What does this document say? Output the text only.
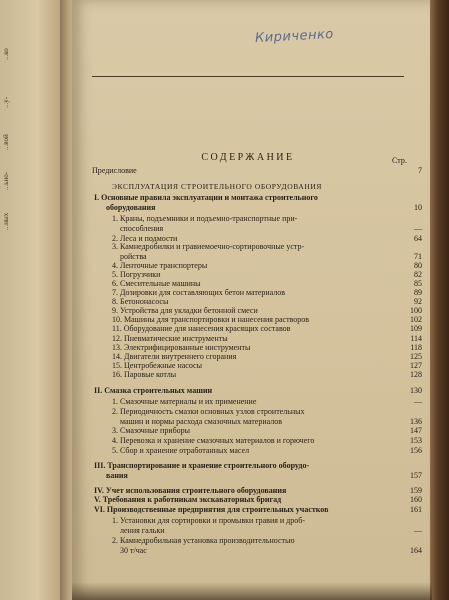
...ко
...у-
...вой
...ьно-
...ных
Кириченко
СОДЕРЖАНИЕ	Стр.
Предисловие	7
ЭКСПЛУАТАЦИЯ СТРОИТЕЛЬНОГО ОБОРУДОВАНИЯ
I. Основные правила эксплуатации и монтажа строительного
оборудования	10
1. Краны, подъемники и подъемно-транспортные при-
способления	—
2. Леса и подмости	64
3. Камнедробилки и гравиемоечно-сортировочные устр-
ройства	71
4. Ленточные транспортеры	80
5. Погрузчики	82
6. Смесительные машины	85
7. Дозировки для составляющих бетон материалов	89
8. Бетононасосы	92
9. Устройства для укладки бетонной смеси	100
10. Машины для транспортировки и нанесения растворов	102
11. Оборудование для нанесения красящих составов	109
12. Пневматические инструменты	114
13. Электрифицированные инструменты	118
14. Двигатели внутреннего сгорания	125
15. Центробежные насосы	127
16. Паровые котлы	128
II. Смазка строительных машин	130
1. Смазочные материалы и их применение	—
2. Периодичность смазки основных узлов строительных
машин и нормы расхода смазочных материалов	136
3. Смазочные приборы	147
4. Перевозка и хранение смазочных материалов и горючего	153
5. Сбор и хранение отработанных масел	156
III. Транспортирование и хранение строительного оборудо-
вания	157
IV. Учет использования строительного оборудования	159
V. Требования к работникам экскаваторных бригад	160
VI. Производственные предприятия для строительных участков	161
1. Установки для сортировки и промывки гравия и дроб-
ления гальки	—
2. Камнедробильная установка производительностью
30 т/час	164
